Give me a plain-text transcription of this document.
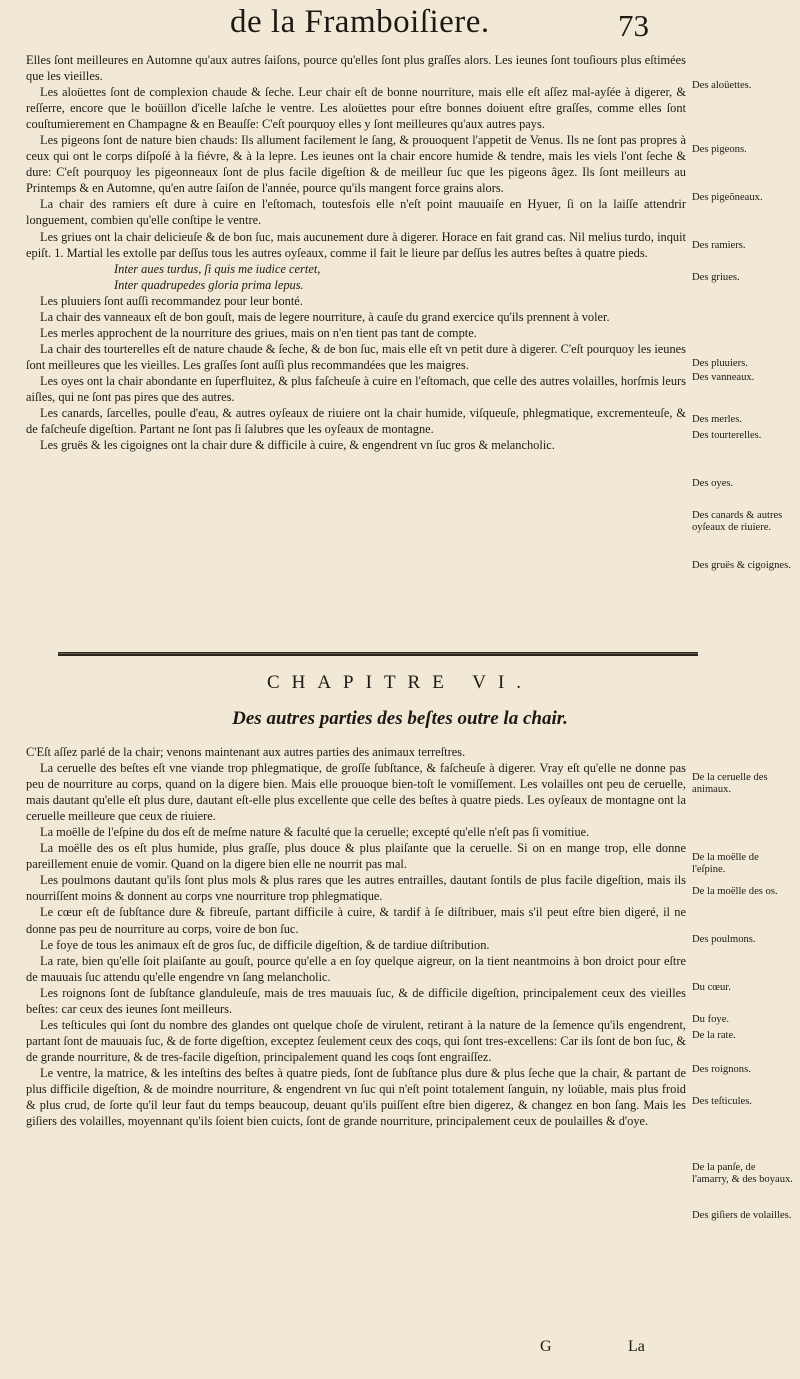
de la Framboiſiere.	73

Elles ſont meilleures en Automne qu'aux autres ſaiſons, pource qu'elles ſont plus graſſes alors. Les ieunes ſont touſiours plus eſtimées que les vieilles.

Les aloüettes ſont de complexion chaude & ſeche. Leur chair eſt de bonne nourriture, mais elle eſt aſſez mal-ayſée à digerer, & reſſerre, encore que le boüillon d'icelle laſche le ventre. Les aloüettes pour eſtre bonnes doiuent eſtre graſſes, comme elles ſont couſtumierement en Champagne & en Beauſſe: C'eſt pourquoy elles y ſont meilleures qu'aux autres pays.

Les pigeons ſont de nature bien chauds: Ils allument facilement le ſang, & prouoquent l'appetit de Venus. Ils ne ſont pas propres à ceux qui ont le corps diſpoſé à la fiévre, & à la lepre. Les ieunes ont la chair encore humide & tendre, mais les viels l'ont ſeche & dure: C'eſt pourquoy les pigeonneaux ſont de plus facile digeſtion & de meilleur ſuc que les pigeons âgez. Ils ſont meilleurs au Printemps & en Automne, qu'en autre ſaiſon de l'année, pource qu'ils mangent force grains alors.

La chair des ramiers eſt dure à cuire en l'eſtomach, toutesfois elle n'eſt point mauuaiſe en Hyuer, ſi on la laiſſe attendrir longuement, combien qu'elle conſtipe le ventre.

Les griues ont la chair delicieuſe & de bon ſuc, mais aucunement dure à digerer. Horace en fait grand cas. Nil melius turdo, inquit epiſt. 1. Martial les extolle par deſſus tous les autres oyſeaux, comme il fait le lieure par deſſus les autres beſtes à quatre pieds.

Inter aues turdus, ſi quis me iudice certet,

Inter quadrupedes gloria prima lepus.

Les pluuiers ſont auſſi recommandez pour leur bonté.

La chair des vanneaux eſt de bon gouſt, mais de legere nourriture, à cauſe du grand exercice qu'ils prennent à voler.

Les merles approchent de la nourriture des griues, mais on n'en tient pas tant de compte.

La chair des tourterelles eſt de nature chaude & ſeche, & de bon ſuc, mais elle eſt vn petit dure à digerer. C'eſt pourquoy les ieunes ſont meilleures que les vieilles. Les graſſes ſont auſſi plus recommandées que les maigres.

Les oyes ont la chair abondante en ſuperfluitez, & plus faſcheuſe à cuire en l'eſtomach, que celle des autres volailles, horſmis leurs aiſles, qui ne ſont pas pires que des autres.

Les canards, ſarcelles, poulle d'eau, & autres oyſeaux de riuiere ont la chair humide, viſqueuſe, phlegmatique, excrementeuſe, & de faſcheuſe digeſtion. Partant ne ſont pas ſi ſalubres que les oyſeaux de montagne.

Les gruës & les cigoignes ont la chair dure & difficile à cuire, & engendrent vn ſuc gros & melancholic.

Des aloüettes.
Des pigeons.
Des pigeõneaux.
Des ramiers.
Des griues.
Des pluuiers.
Des vanneaux.
Des merles.
Des tourterelles.
Des oyes.
Des canards & autres oyſeaux de riuiere.
Des gruës & cigoignes.
CHAPITRE VI.
Des autres parties des beſtes outre la chair.

C'Eſt aſſez parlé de la chair; venons maintenant aux autres parties des animaux terreſtres.

La ceruelle des beſtes eſt vne viande trop phlegmatique, de groſſe ſubſtance, & faſcheuſe à digerer. Vray eſt qu'elle ne donne pas peu de nourriture au corps, quand on la digere bien. Mais elle prouoque bien-toſt le vomiſſement. Les volailles ont peu de ceruelle, mais dautant qu'elle eſt plus dure, dautant eſt-elle plus excellente que celle des beſtes à quatre pieds. Les oyſeaux de montagne ont la ceruelle meilleure que ceux de riuiere.

La moëlle de l'eſpine du dos eſt de meſme nature & faculté que la ceruelle; excepté qu'elle n'eſt pas ſi vomitiue.

La moëlle des os eſt plus humide, plus graſſe, plus douce & plus plaiſante que la ceruelle. Si on en mange trop, elle donne pareillement enuie de vomir. Quand on la digere bien elle ne nourrit pas mal.

Les poulmons dautant qu'ils ſont plus mols & plus rares que les autres entrailles, dautant ſontils de plus facile digeſtion, mais ils nourriſſent moins & donnent au corps vne nourriture trop phlegmatique.

Le cœur eſt de ſubſtance dure & fibreuſe, partant difficile à cuire, & tardif à ſe diſtribuer, mais s'il peut eſtre bien digeré, il ne donne pas peu de nourriture au corps, voire de bon ſuc.

Le foye de tous les animaux eſt de gros ſuc, de difficile digeſtion, & de tardiue diſtribution.

La rate, bien qu'elle ſoit plaiſante au gouſt, pource qu'elle a en ſoy quelque aigreur, on la tient neantmoins à bon droict pour eſtre de mauuais ſuc attendu qu'elle engendre vn ſang melancholic.

Les roignons ſont de ſubſtance glanduleuſe, mais de tres mauuais ſuc, & de difficile digeſtion, principalement ceux des vieilles beſtes: car ceux des ieunes ſont meilleurs.

Les teſticules qui ſont du nombre des glandes ont quelque choſe de virulent, retirant à la nature de la ſemence qu'ils engendrent, partant ſont de mauuais ſuc, & de forte digeſtion, exceptez ſeulement ceux des coqs, qui ſont tres-excellens: Car ils ſont de bon ſuc, & de grande nourriture, & de tres-facile digeſtion, principalement quand les coqs ſont engraiſſez.

Le ventre, la matrice, & les inteſtins des beſtes à quatre pieds, ſont de ſubſtance plus dure & plus ſeche que la chair, & partant de plus difficile digeſtion, & de moindre nourriture, & engendrent vn ſuc qui n'eſt point totalement ſanguin, ny loüable, mais plus froid & plus crud, de ſorte qu'il leur faut du temps beaucoup, deuant qu'ils puiſſent eſtre bien digerez, & changez en bon ſang. Mais les giſiers des volailles, moyennant qu'ils ſoient bien cuicts, ſont de grande nourriture, principalement ceux de poulailles & d'oye.

De la ceruelle des animaux.
De la moëlle de l'eſpine.
De la moëlle des os.
Des poulmons.
Du cœur.
Du foye.
De la rate.
Des roignons.
Des teſticules.
De la panſe, de l'amarry, & des boyaux.
Des giſiers de volailles.
G	La
